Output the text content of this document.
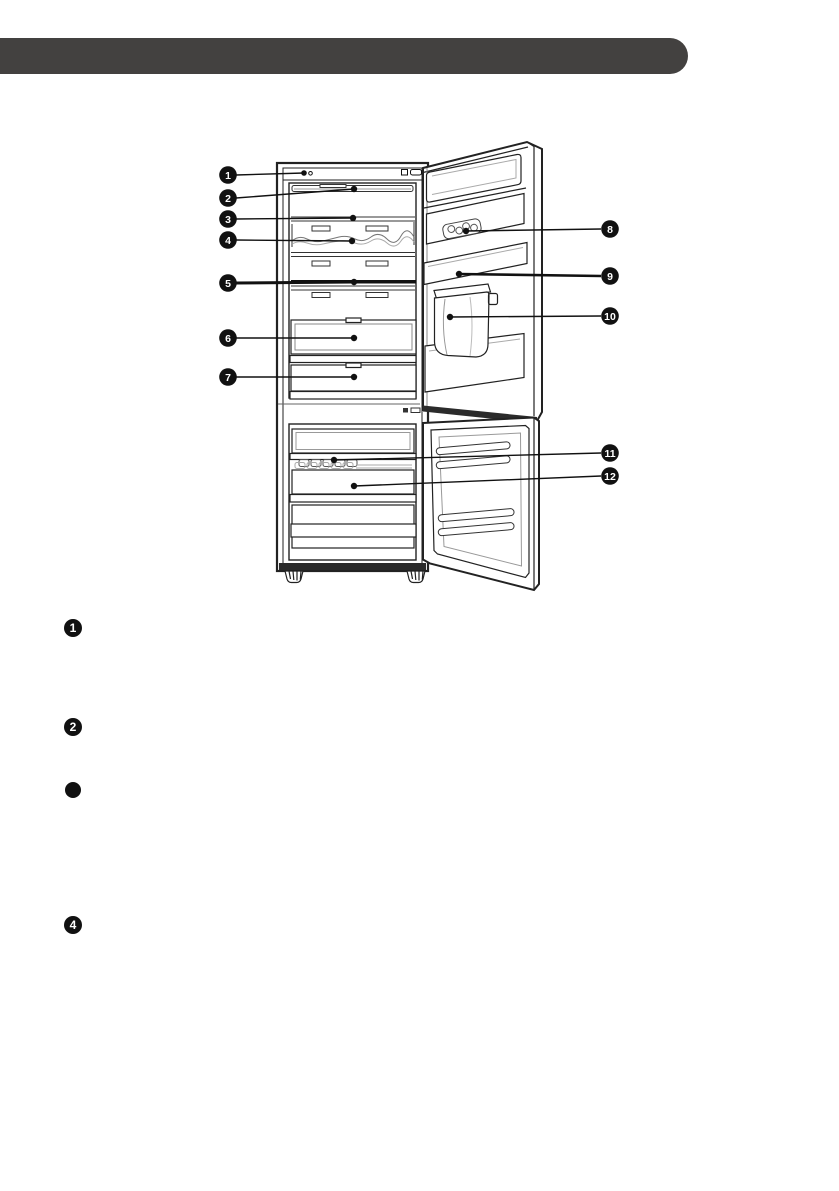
1
2
3
4
5
6
7
8
9
10
11
12
1
2
4
